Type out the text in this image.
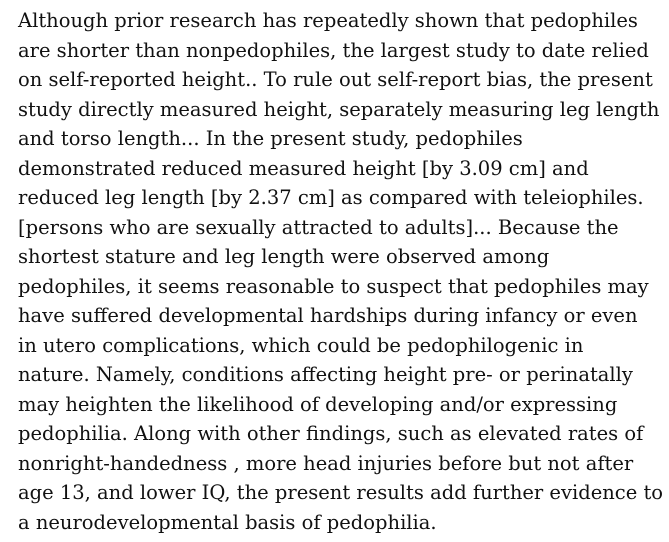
Although prior research has repeatedly shown that pedophiles
are shorter than nonpedophiles, the largest study to date relied
on self-reported height.. To rule out self-report bias, the present
study directly measured height, separately measuring leg length
and torso length... In the present study, pedophiles
demonstrated reduced measured height [by 3.09 cm] and
reduced leg length [by 2.37 cm] as compared with teleiophiles.
[persons who are sexually attracted to adults]... Because the
shortest stature and leg length were observed among
pedophiles, it seems reasonable to suspect that pedophiles may
have suffered developmental hardships during infancy or even
in utero complications, which could be pedophilogenic in
nature. Namely, conditions affecting height pre- or perinatally
may heighten the likelihood of developing and/or expressing
pedophilia. Along with other findings, such as elevated rates of
nonright-handedness , more head injuries before but not after
age 13, and lower IQ, the present results add further evidence to
a neurodevelopmental basis of pedophilia.
